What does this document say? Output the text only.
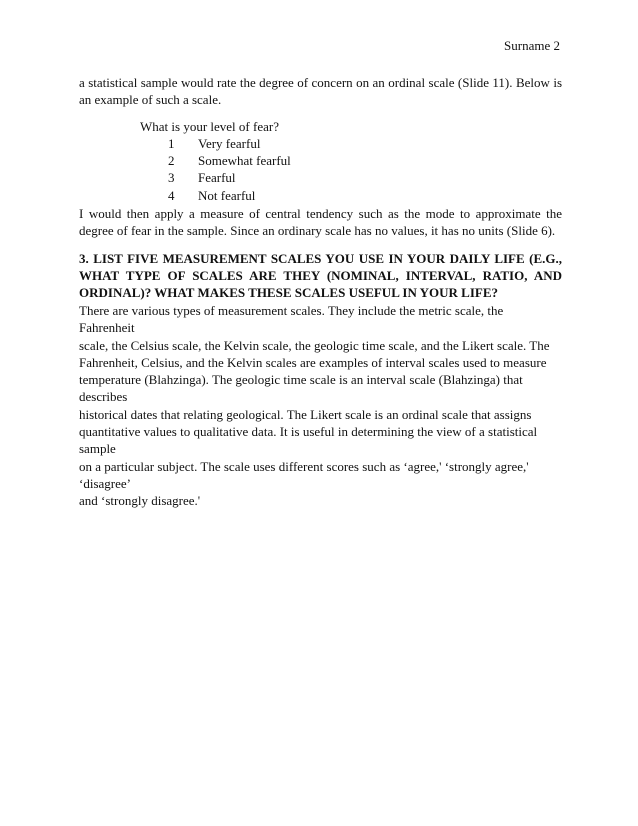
Surname 2

a statistical sample would rate the degree of concern on an ordinal scale (Slide 11). Below is an example of such a scale.

What is your level of fear?
1 Very fearful
2 Somewhat fearful
3 Fearful
4 Not fearful

I would then apply a measure of central tendency such as the mode to approximate the degree of fear in the sample. Since an ordinary scale has no values, it has no units (Slide 6).

3. LIST FIVE MEASUREMENT SCALES YOU USE IN YOUR DAILY LIFE (E.G., WHAT TYPE OF SCALES ARE THEY (NOMINAL, INTERVAL, RATIO, AND ORDINAL)? WHAT MAKES THESE SCALES USEFUL IN YOUR LIFE?
There are various types of measurement scales. They include the metric scale, the Fahrenheit
scale, the Celsius scale, the Kelvin scale, the geologic time scale, and the Likert scale. The
Fahrenheit, Celsius, and the Kelvin scales are examples of interval scales used to measure
temperature (Blahzinga). The geologic time scale is an interval scale (Blahzinga) that describes
historical dates that relating geological. The Likert scale is an ordinal scale that assigns
quantitative values to qualitative data. It is useful in determining the view of a statistical sample
on a particular subject. The scale uses different scores such as ‘agree,' ‘strongly agree,' ‘disagree’
and ‘strongly disagree.'
